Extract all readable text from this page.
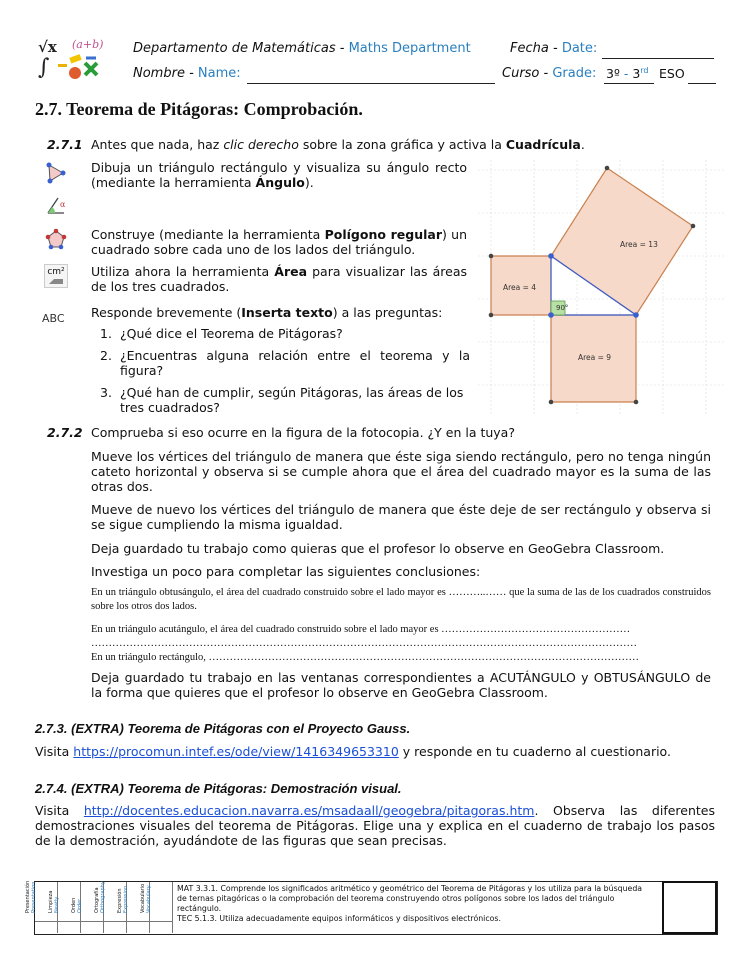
√x (a+b)
∫
Departamento de Matemáticas - Maths Department	Fecha - Date:
Nombre - Name:	Curso - Grade: 3º - 3rd ESO
2.7. Teorema de Pitágoras: Comprobación.
2.7.1 Antes que nada, haz clic derecho sobre la zona gráfica y activa la Cuadrícula.
α
cm²
ABC
Dibuja un triángulo rectángulo y visualiza su ángulo recto (mediante la herramienta Ángulo).
Construye (mediante la herramienta Polígono regular) un cuadrado sobre cada uno de los lados del triángulo.
Utiliza ahora la herramienta Área para visualizar las áreas de los tres cuadrados.
Responde brevemente (Inserta texto) a las preguntas:
1. ¿Qué dice el Teorema de Pitágoras?
2. ¿Encuentras alguna relación entre el teorema y la figura?
3. ¿Qué han de cumplir, según Pitágoras, las áreas de los tres cuadrados?
90°
Area = 13
Area = 4
Area = 9
2.7.2 Comprueba si eso ocurre en la figura de la fotocopia. ¿Y en la tuya?
Mueve los vértices del triángulo de manera que éste siga siendo rectángulo, pero no tenga ningún cateto horizontal y observa si se cumple ahora que el área del cuadrado mayor es la suma de las otras dos.
Mueve de nuevo los vértices del triángulo de manera que éste deje de ser rectángulo y observa si se sigue cumpliendo la misma igualdad.
Deja guardado tu trabajo como quieras que el profesor lo observe en GeoGebra Classroom.
Investiga un poco para completar las siguientes conclusiones:
En un triángulo obtusángulo, el área del cuadrado construido sobre el lado mayor es ………..…… que la suma de las de los cuadrados construidos sobre los otros dos lados.
En un triángulo acutángulo, el área del cuadrado construido sobre el lado mayor es ………………………………………………
…………………………………………………………………………………………………………………………………………
En un triángulo rectángulo, ……………………………………………………………………………………………………………
Deja guardado tu trabajo en las ventanas correspondientes a ACUTÁNGULO y OBTUSÁNGULO de la forma que quieres que el profesor lo observe en GeoGebra Classroom.
2.7.3. (EXTRA) Teorema de Pitágoras con el Proyecto Gauss.
Visita https://procomun.intef.es/ode/view/1416349653310 y responde en tu cuaderno al cuestionario.
2.7.4. (EXTRA) Teorema de Pitágoras: Demostración visual.
Visita http://docentes.educacion.navarra.es/msadaall/geogebra/pitagoras.htm. Observa las diferentes demostraciones visuales del teorema de Pitágoras. Elige una y explica en el cuaderno de trabajo los pasos de la demostración, ayudándote de las figuras que sean precisas.
Presentación Presentation Limpieza Neatly Orden Order Ortografía Orthography Expresión Expression Vocabulario Vocabulary	MAT 3.3.1. Comprende los significados aritmético y geométrico del Teorema de Pitágoras y los utiliza para la búsqueda de ternas pitagóricas o la comprobación del teorema construyendo otros polígonos sobre los lados del triángulo rectángulo.
TEC 5.1.3. Utiliza adecuadamente equipos informáticos y dispositivos electrónicos.
